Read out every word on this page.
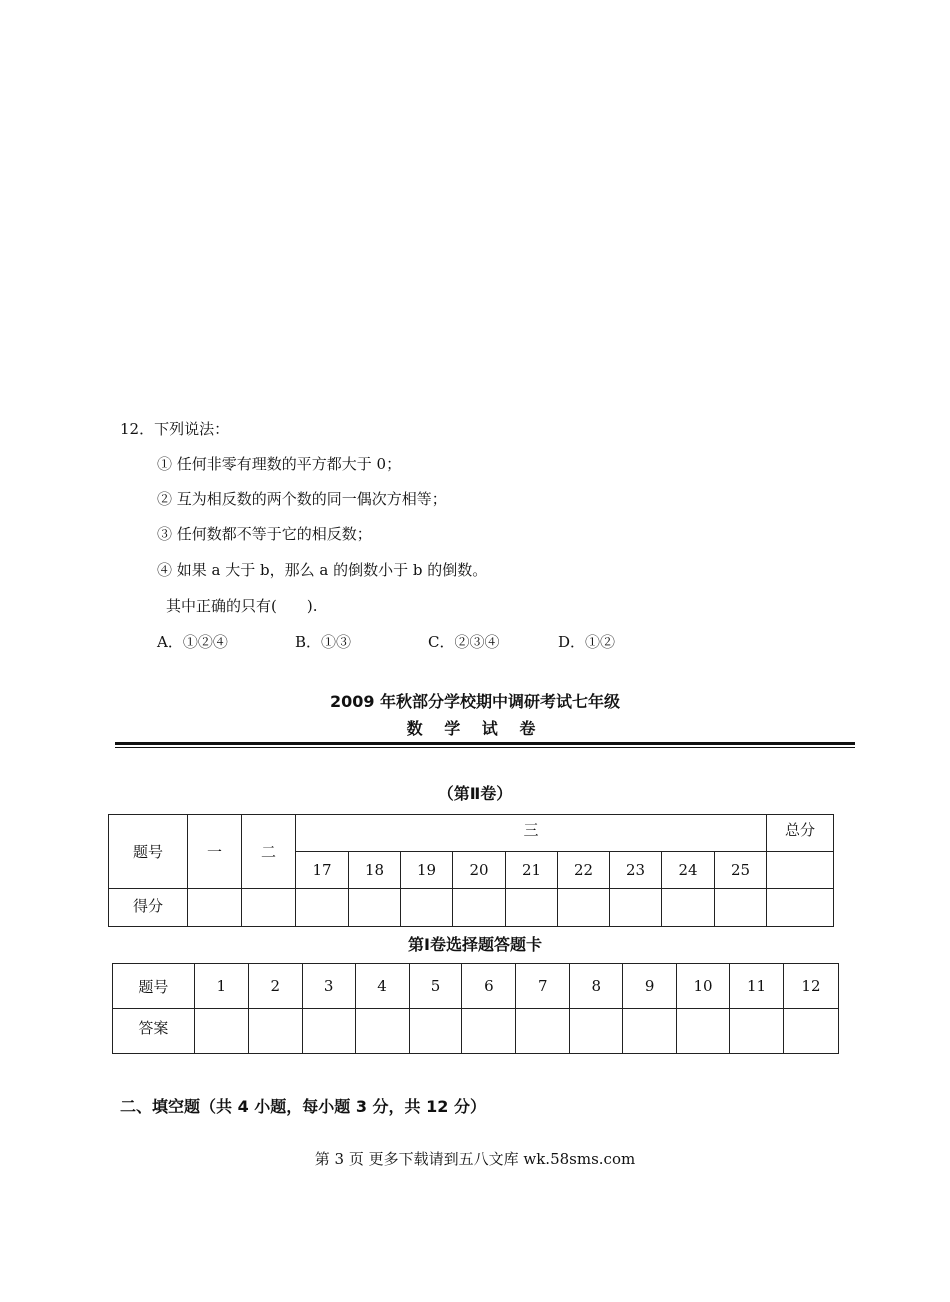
12．下列说法：
① 任何非零有理数的平方都大于 0；
② 互为相反数的两个数的同一偶次方相等；
③ 任何数都不等于它的相反数；
④ 如果 a 大于 b，那么 a 的倒数小于 b 的倒数。
其中正确的只有(　　).
A．①②④	B．①③	C．②③④	D．①②
2009 年秋部分学校期中调研考试七年级
数 学 试 卷
（第Ⅱ卷）
题号	一	二	三									总分
			17	18	19	20	21	22	23	24	25	
得分												
第Ⅰ卷选择题答题卡
题号	1	2	3	4	5	6	7	8	9	10	11	12
答案												
二、填空题（共 4 小题，每小题 3 分，共 12 分）
第 3 页 更多下载请到五八文库 wk.58sms.com
